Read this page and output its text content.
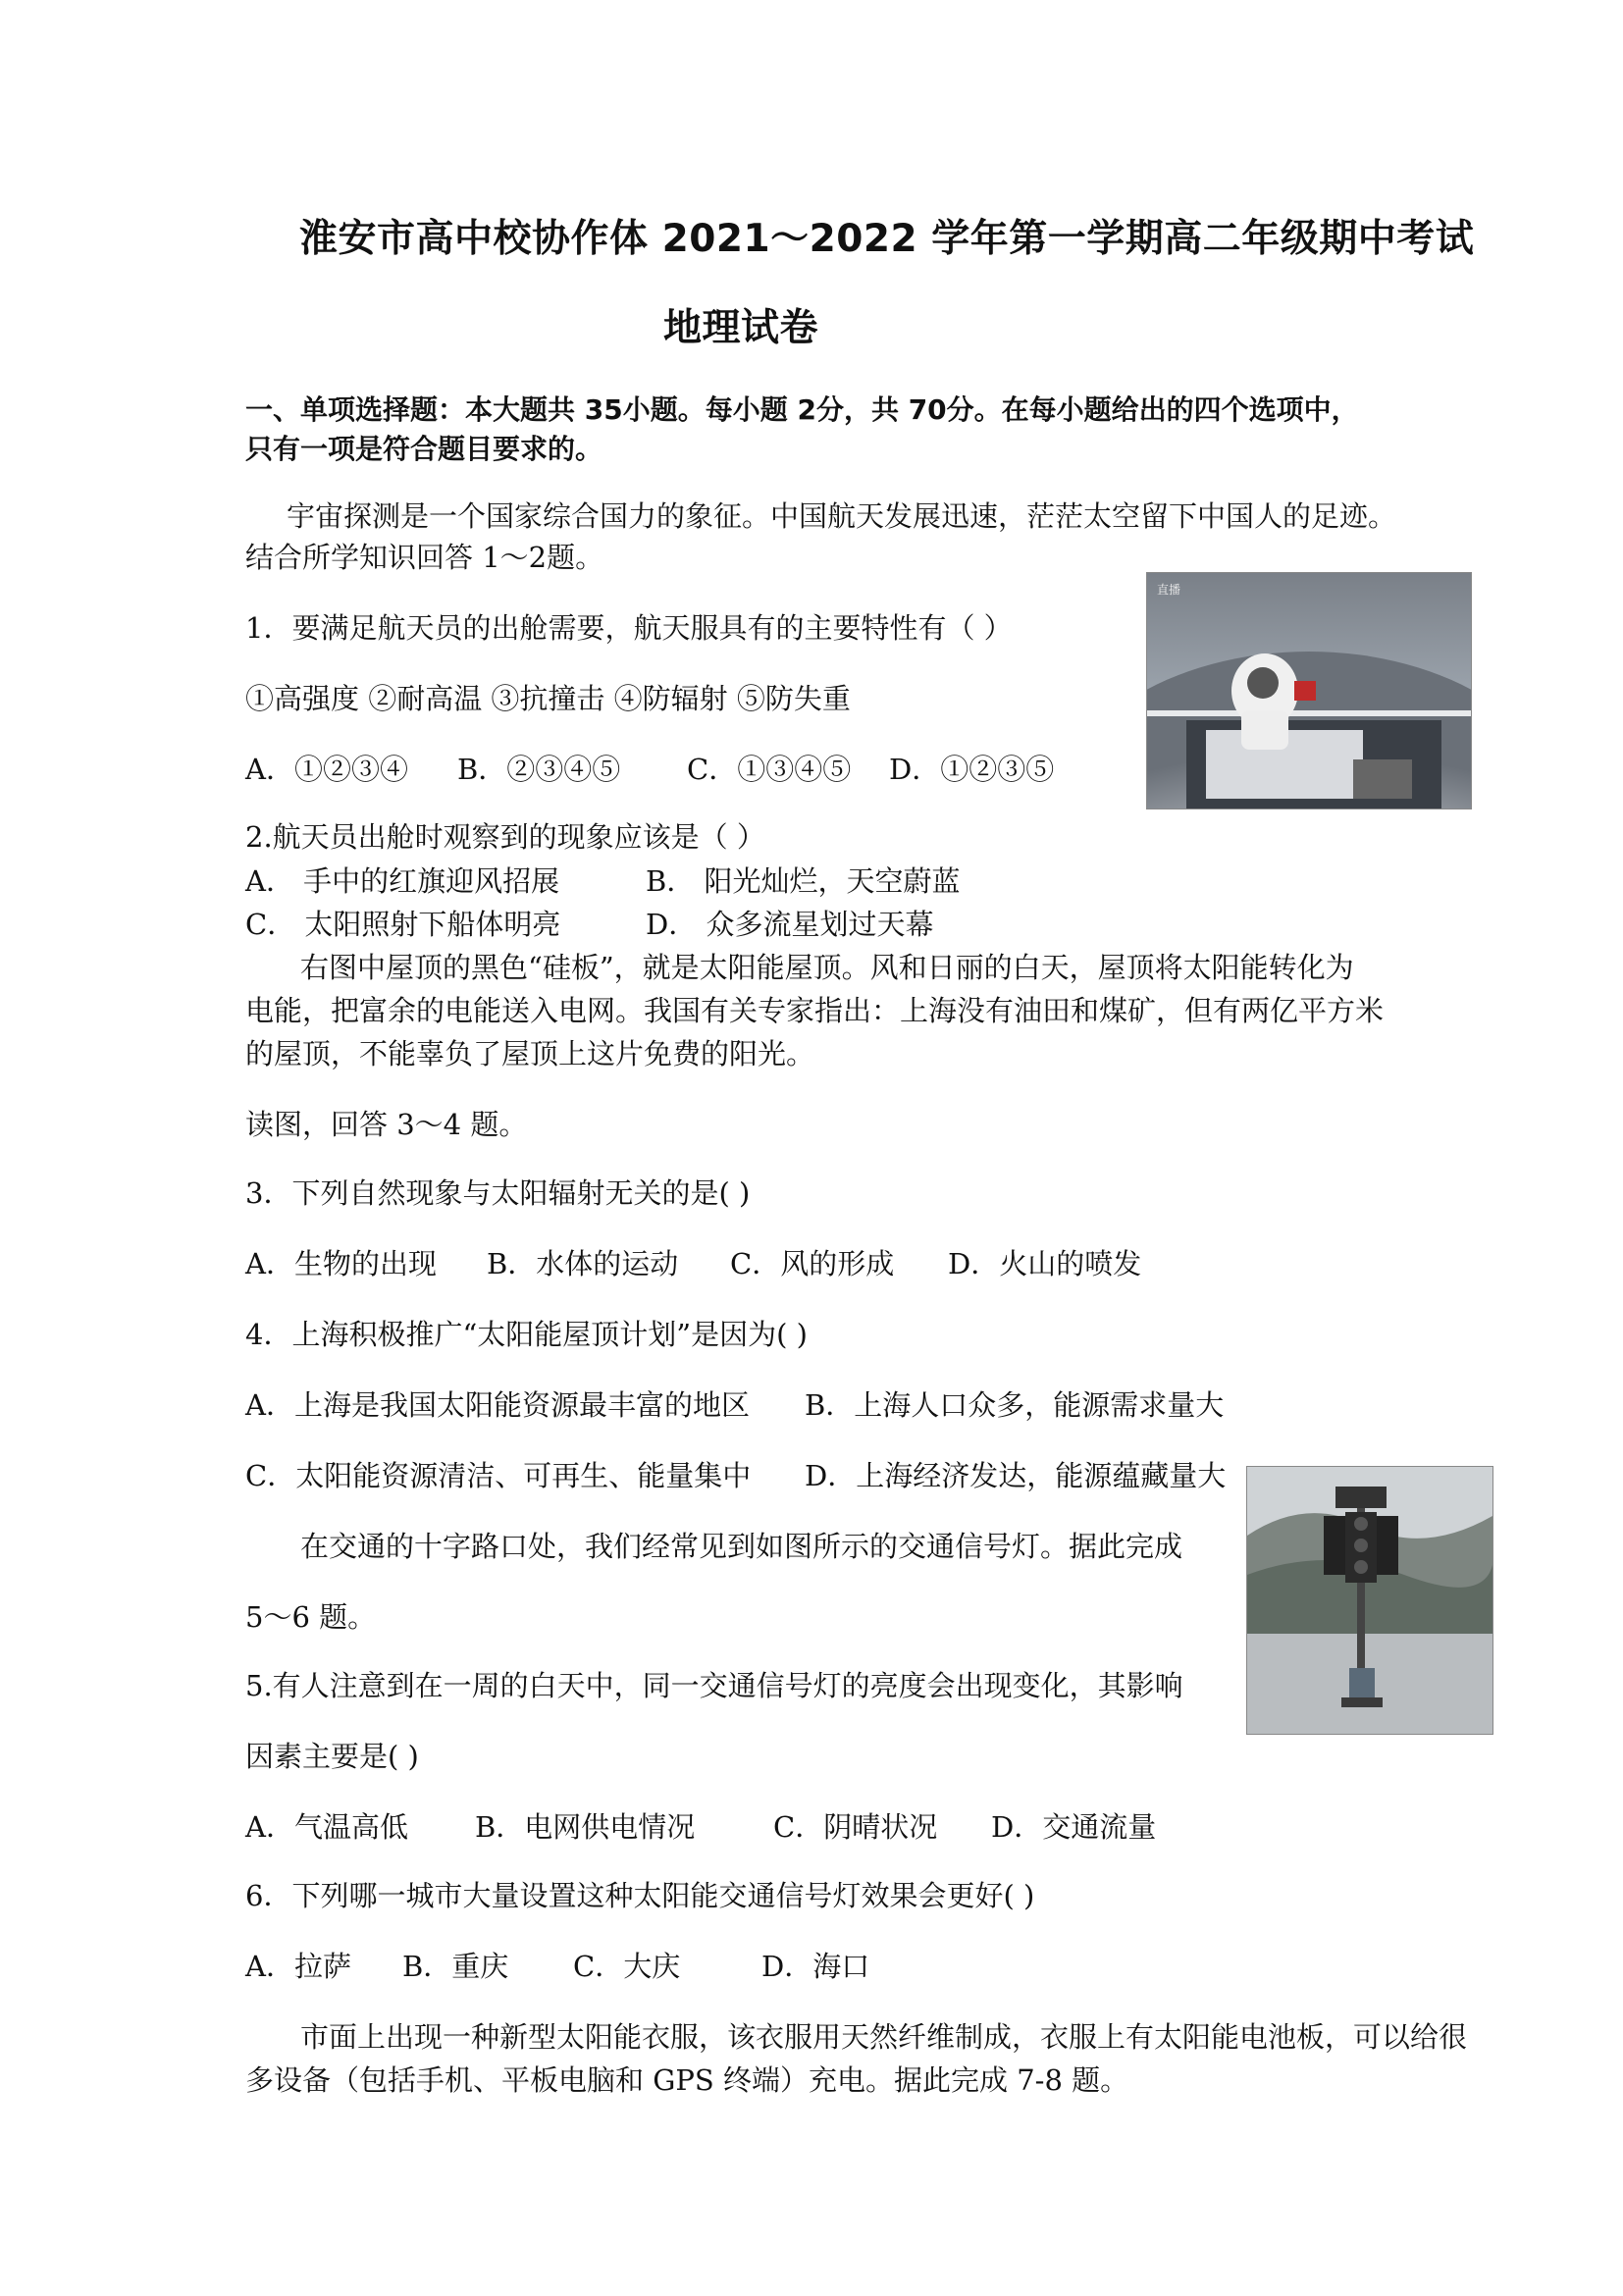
淮安市高中校协作体 2021～2022 学年第一学期高二年级期中考试
地理试卷
一、单项选择题：本大题共 35小题。每小题 2分，共 70分。在每小题给出的四个选项中，
只有一项是符合题目要求的。
宇宙探测是一个国家综合国力的象征。中国航天发展迅速，茫茫太空留下中国人的足迹。
结合所学知识回答 1～2题。
1．要满足航天员的出舱需要，航天服具有的主要特性有（ ）
①高强度 ②耐高温 ③抗撞击 ④防辐射 ⑤防失重
A．①②③④ B．②③④⑤ C．①③④⑤ D．①②③⑤
直播
2.航天员出舱时观察到的现象应该是（ ）
A． 手中的红旗迎风招展	B． 阳光灿烂，天空蔚蓝
C． 太阳照射下船体明亮	D． 众多流星划过天幕
右图中屋顶的黑色“硅板”，就是太阳能屋顶。风和日丽的白天，屋顶将太阳能转化为
电能，把富余的电能送入电网。我国有关专家指出：上海没有油田和煤矿，但有两亿平方米
的屋顶，不能辜负了屋顶上这片免费的阳光。
读图，回答 3～4 题。
3．下列自然现象与太阳辐射无关的是( )
A．生物的出现 B．水体的运动 C．风的形成 D．火山的喷发
4．上海积极推广“太阳能屋顶计划”是因为( )
A．上海是我国太阳能资源最丰富的地区 B．上海人口众多，能源需求量大
C．太阳能资源清洁、可再生、能量集中 D．上海经济发达，能源蕴藏量大
在交通的十字路口处，我们经常见到如图所示的交通信号灯。据此完成
5～6 题。
5.有人注意到在一周的白天中，同一交通信号灯的亮度会出现变化，其影响
因素主要是( )
A．气温高低 B．电网供电情况	C．阴晴状况 D．交通流量
6．下列哪一城市大量设置这种太阳能交通信号灯效果会更好( )
A．拉萨 B．重庆 C．大庆	D．海口
市面上出现一种新型太阳能衣服，该衣服用天然纤维制成，衣服上有太阳能电池板，可以给很
多设备（包括手机、平板电脑和 GPS 终端）充电。据此完成 7-8 题。
